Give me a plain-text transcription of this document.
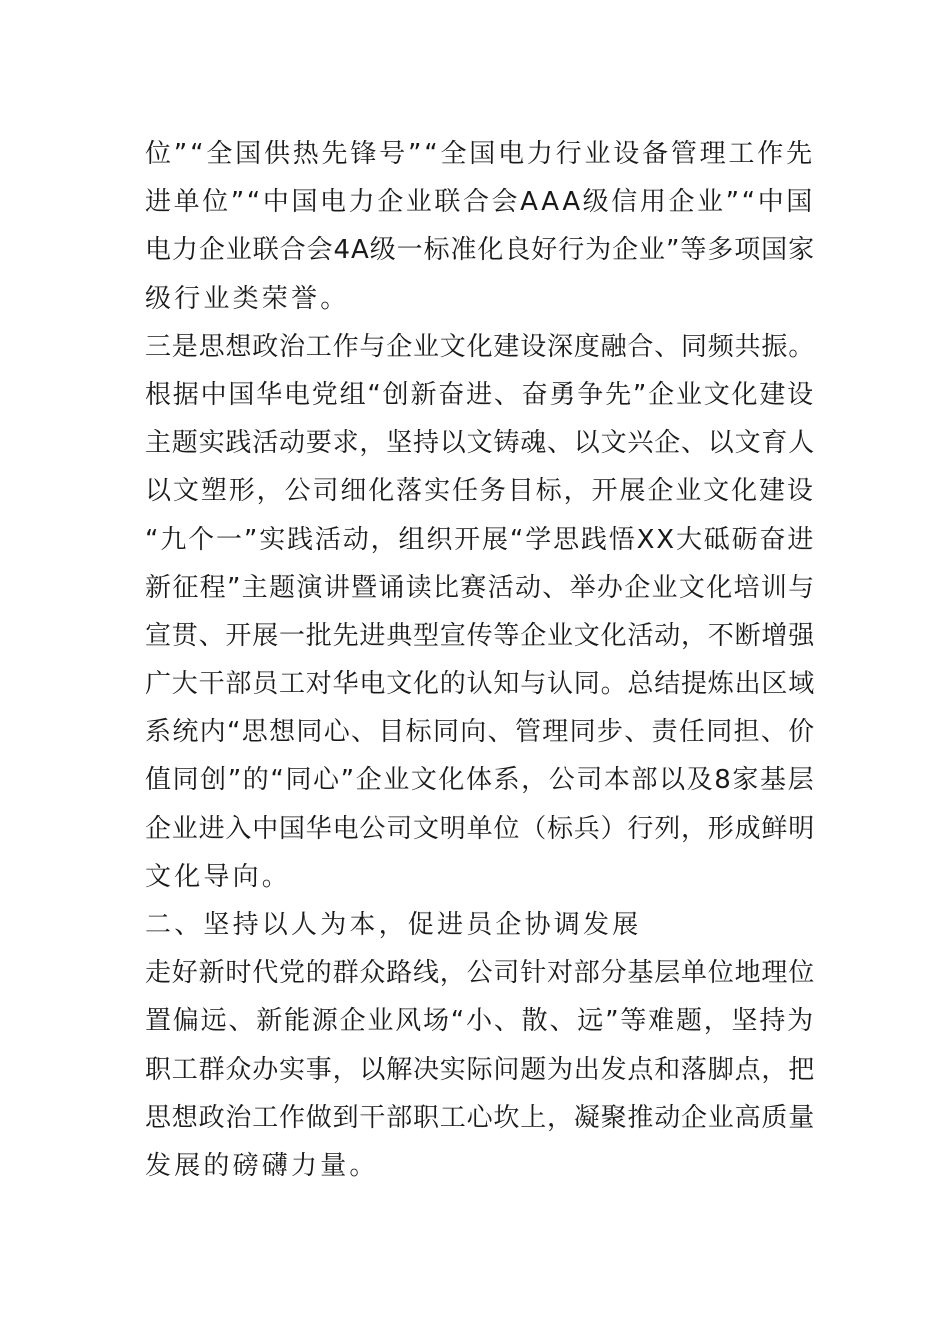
位”“全国供热先锋号”“全国电力行业设备管理工作先
进单位”“中国电力企业联合会AAA级信用企业”“中国
电力企业联合会4A级一标准化良好行为企业”等多项国家
级行业类荣誉。
三是思想政治工作与企业文化建设深度融合、同频共振。
根据中国华电党组“创新奋进、奋勇争先”企业文化建设
主题实践活动要求，坚持以文铸魂、以文兴企、以文育人
以文塑形，公司细化落实任务目标，开展企业文化建设
“九个一”实践活动，组织开展“学思践悟XX大砥砺奋进
新征程”主题演讲暨诵读比赛活动、举办企业文化培训与
宣贯、开展一批先进典型宣传等企业文化活动，不断增强
广大干部员工对华电文化的认知与认同。总结提炼出区域
系统内“思想同心、目标同向、管理同步、责任同担、价
值同创”的“同心”企业文化体系，公司本部以及8家基层
企业进入中国华电公司文明单位（标兵）行列，形成鲜明
文化导向。
二、坚持以人为本，促进员企协调发展
走好新时代党的群众路线，公司针对部分基层单位地理位
置偏远、新能源企业风场“小、散、远”等难题，坚持为
职工群众办实事，以解决实际问题为出发点和落脚点，把
思想政治工作做到干部职工心坎上，凝聚推动企业高质量
发展的磅礴力量。
